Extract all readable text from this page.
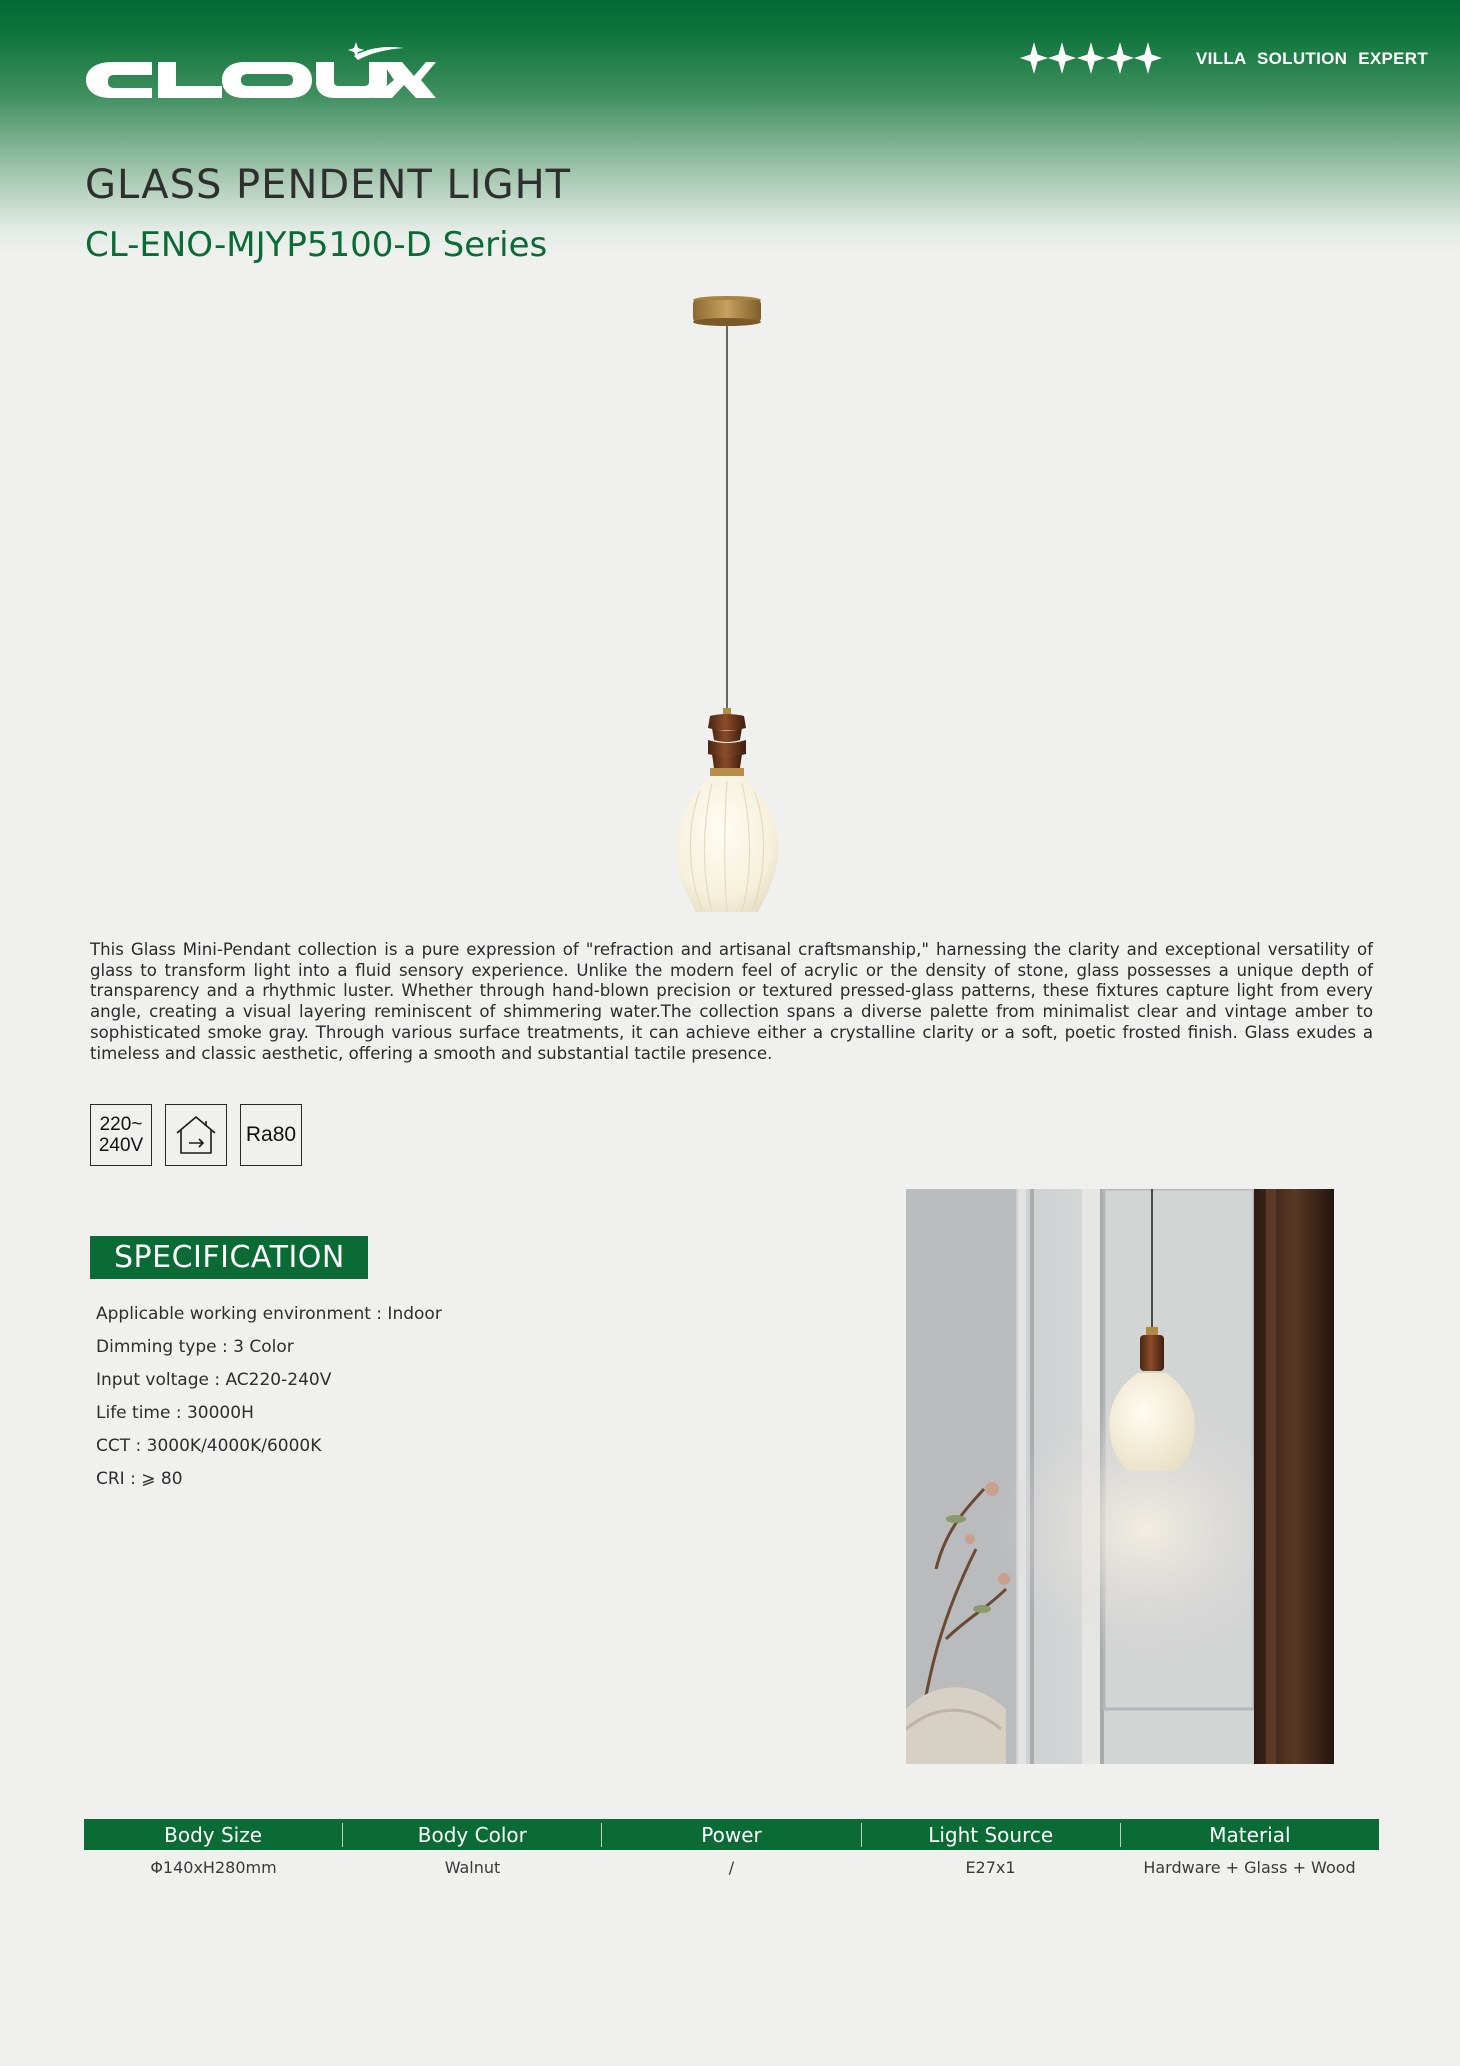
VILLA SOLUTION EXPERT
GLASS PENDENT LIGHT
CL-ENO-MJYP5100-D Series

This Glass Mini-Pendant collection is a pure expression of "refraction and artisanal craftsmanship," harnessing the clarity and exceptional versatility of glass to transform light into a fluid sensory experience. Unlike the modern feel of acrylic or the density of stone, glass possesses a unique depth of transparency and a rhythmic luster. Whether through hand-blown precision or textured pressed-glass patterns, these fixtures capture light from every angle, creating a visual layering reminiscent of shimmering water.The collection spans a diverse palette from minimalist clear and vintage amber to sophisticated smoke gray. Through various surface treatments, it can achieve either a crystalline clarity or a soft, poetic frosted finish. Glass exudes a timeless and classic aesthetic, offering a smooth and substantial tactile presence.

220~
240V	Ra80
SPECIFICATION
Applicable working environment : Indoor
Dimming type : 3 Color
Input voltage : AC220-240V
Life time : 30000H
CCT : 3000K/4000K/6000K
CRI : ⩾ 80
Body Size	Body Color	Power	Light Source	Material
Φ140xH280mm	Walnut	/	E27x1	Hardware + Glass + Wood
